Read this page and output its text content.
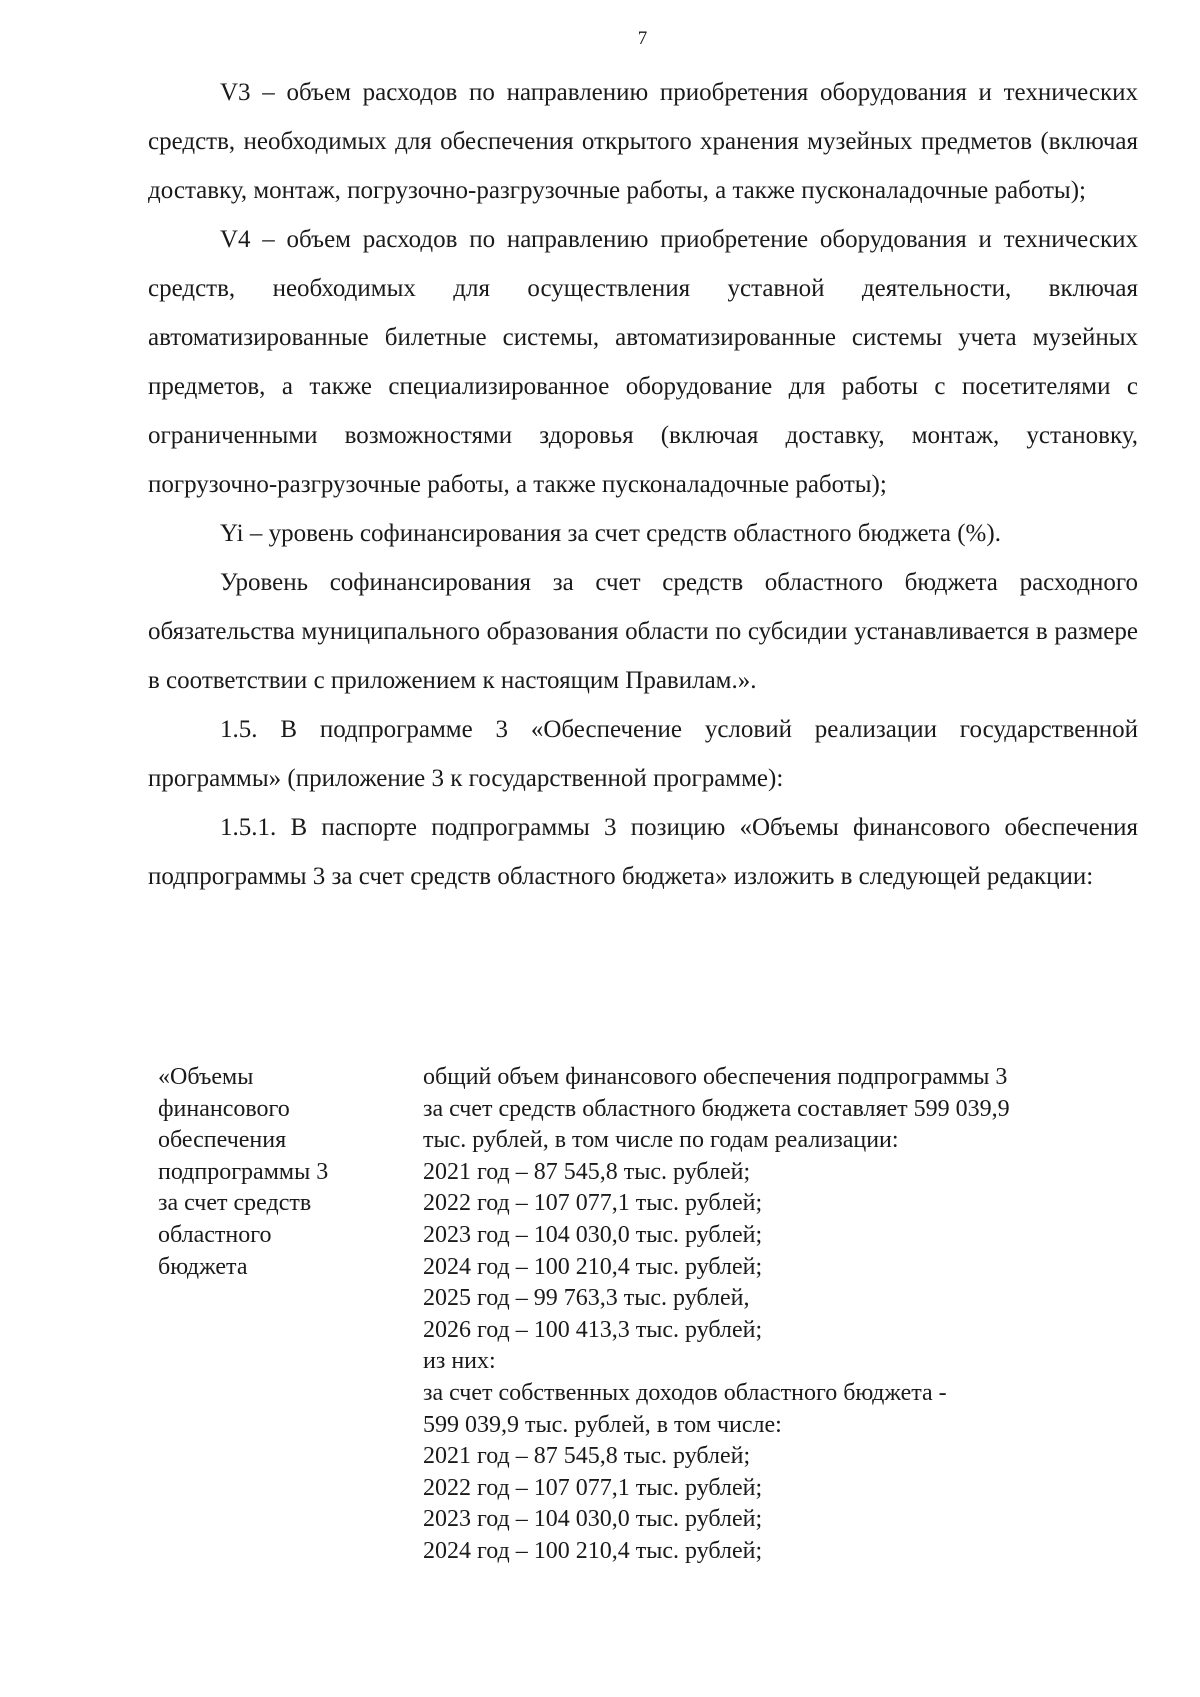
7

V3 – объем расходов по направлению приобретения оборудования и технических средств, необходимых для обеспечения открытого хранения музейных предметов (включая доставку, монтаж, погрузочно-разгрузочные работы, а также пусконаладочные работы);

V4 – объем расходов по направлению приобретение оборудования и технических средств, необходимых для осуществления уставной деятельности, включая автоматизированные билетные системы, автоматизированные системы учета музейных предметов, а также специализированное оборудование для работы с посетителями с ограниченными возможностями здоровья (включая доставку, монтаж, установку, погрузочно-разгрузочные работы, а также пусконаладочные работы);

Yi – уровень софинансирования за счет средств областного бюджета (%).

Уровень софинансирования за счет средств областного бюджета расходного обязательства муниципального образования области по субсидии устанавливается в размере в соответствии с приложением к настоящим Правилам.».

1.5. В подпрограмме 3 «Обеспечение условий реализации государственной программы» (приложение 3 к государственной программе):

1.5.1. В паспорте подпрограммы 3 позицию «Объемы финансового обеспечения подпрограммы 3 за счет средств областного бюджета» изложить в следующей редакции:

«Объемы
финансового
обеспечения
подпрограммы 3
за счет средств
областного
бюджета
общий объем финансового обеспечения подпрограммы 3
за счет средств областного бюджета составляет 599 039,9
тыс. рублей, в том числе по годам реализации:
2021 год – 87 545,8 тыс. рублей;
2022 год – 107 077,1 тыс. рублей;
2023 год – 104 030,0 тыс. рублей;
2024 год – 100 210,4 тыс. рублей;
2025 год – 99 763,3 тыс. рублей,
2026 год – 100 413,3 тыс. рублей;
из них:
за счет собственных доходов областного бюджета -
599 039,9 тыс. рублей, в том числе:
2021 год – 87 545,8 тыс. рублей;
2022 год – 107 077,1 тыс. рублей;
2023 год – 104 030,0 тыс. рублей;
2024 год – 100 210,4 тыс. рублей;
